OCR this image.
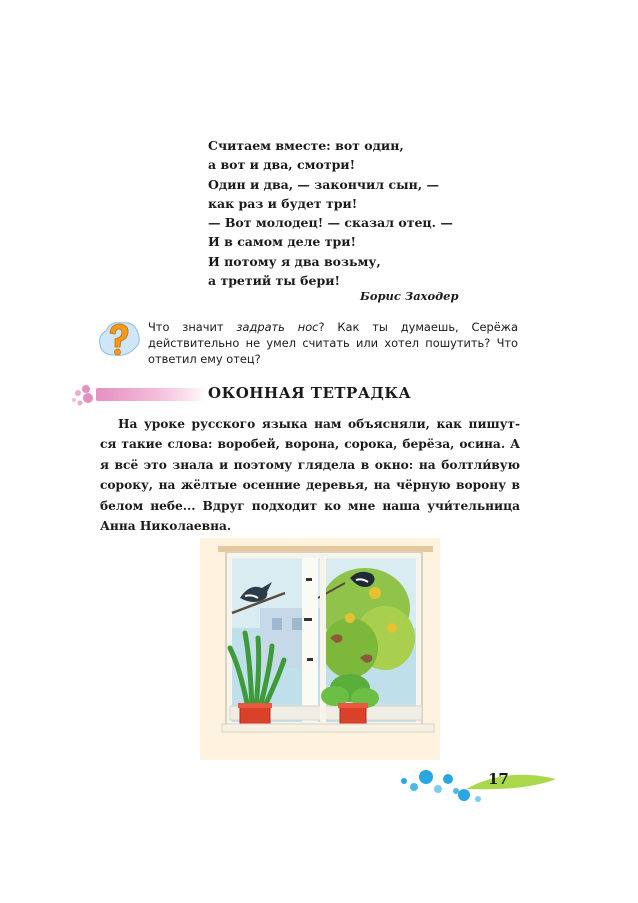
Считаем вместе: вот один,
а вот и два, смотри!
Один и два, — закончил сын, —
как раз и будет три!
— Вот молодец! — сказал отец. —
И в самом деле три!
И потому я два возьму,
а третий ты бери!
Борис Заходер
Что значит задрать нос? Как ты думаешь, Серёжа действительно не умел считать или хотел пошутить? Что ответил ему отец?
ОКОННАЯ ТЕТРАДКА
На уроке русского языка нам объясняли, как пишут-
ся такие слова: воробей, ворона, сорока, берёза, осина. А
я всё это знала и поэтому глядела в окно: на болтли́вую
сороку, на жёлтые осенние деревья, на чёрную ворону в
белом небе... Вдруг подходит ко мне наша учи́тельница
Анна Николаевна.
17
